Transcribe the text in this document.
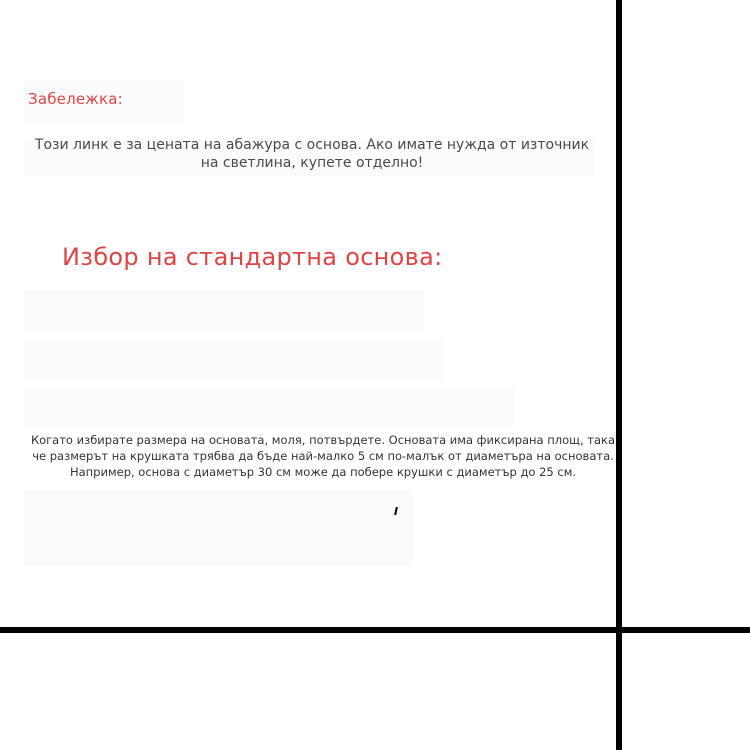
Забележка:
Този линк е за цената на абажура с основа. Ако имате нужда от източник на светлина, купете отделно!
Избор на стандартна основа:
Когато избирате размера на основата, моля, потвърдете. Основата има фиксирана площ, така че размерът на крушката трябва да бъде най-малко 5 см по-малък от диаметъра на основата. Например, основа с диаметър 30 см може да побере крушки с диаметър до 25 см.
